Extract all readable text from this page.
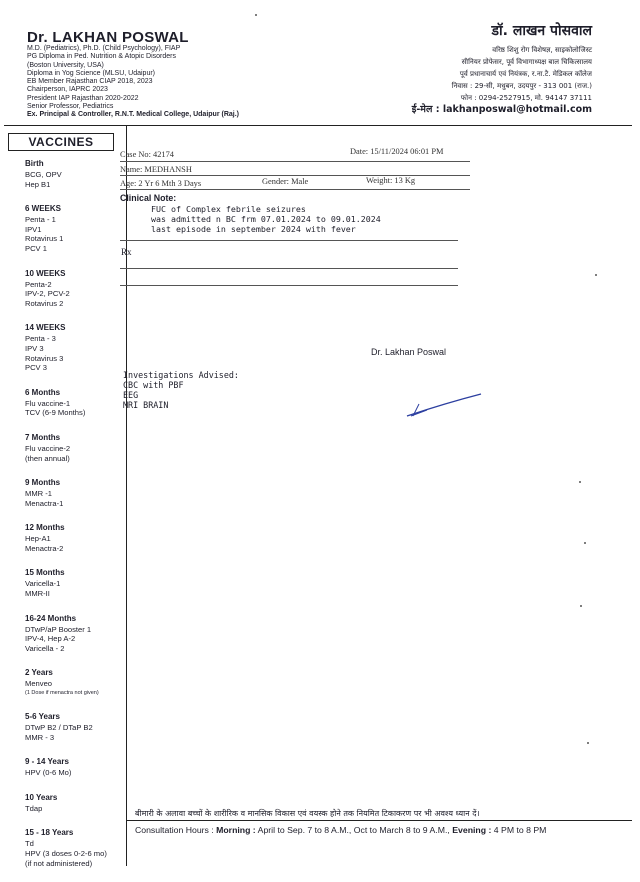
Dr. LAKHAN POSWAL
M.D. (Pediatrics), Ph.D. (Child Psychology), FIAP
PG Diploma in Ped. Nutrition & Atopic Disorders
(Boston University, USA)
Diploma in Yog Science (MLSU, Udaipur)
EB Member Rajasthan CIAP 2018, 2023
Chairperson, IAPRC 2023
President IAP Rajasthan 2020-2022
Senior Professor, Pediatrics
Ex. Principal & Controller, R.N.T. Medical College, Udaipur (Raj.)
डॉ. लाखन पोसवाल
वरिष्ठ शिशु रोग विशेषज्ञ, साइकोलोजिस्ट
सीनियर प्रोफेसर, पूर्व विभागाध्यक्ष बाल चिकित्सालय
पूर्व प्रधानाचार्य एवं नियंत्रक, र.ना.टै. मेडिकल कॉलेज
निवास : 29-सी, मधुबन, उदयपुर - 313 001 (राज.)
फोन : 0294-2527915, मो. 94147 37111
ई-मेल : lakhanposwal@hotmail.com
VACCINES
Birth
BCG, OPV
Hep B1
6 WEEKS
Penta - 1
IPV1
Rotavirus 1
PCV 1
10 WEEKS
Penta-2
IPV-2, PCV-2
Rotavirus 2
14 WEEKS
Penta - 3
IPV 3
Rotavirus 3
PCV 3
6 Months
Flu vaccine-1
TCV (6-9 Months)
7 Months
Flu vaccine-2
(then annual)
9 Months
MMR -1
Menactra-1
12 Months
Hep-A1
Menactra-2
15 Months
Varicella-1
MMR-II
16-24 Months
DTwP/aP Booster 1
IPV-4, Hep A-2
Varicella - 2
2 Years
Menveo
(1 Dose if menactra not given)
5-6 Years
DTwP B2 / DTaP B2
MMR - 3
9 - 14 Years
HPV (0-6 Mo)
10 Years
Tdap
15 - 18 Years
Td
HPV (3 doses 0-2-6 mo)
(if not administered)
Case No: 42174	Date: 15/11/2024 06:01 PM
Name: MEDHANSH
Age: 2 Yr 6 Mth 3 Days	Gender: Male	Weight: 13 Kg
Clinical Note:
FUC of Complex febrile seizures
was admitted n BC frm 07.01.2024 to 09.01.2024
last episode in september 2024 with fever
Rx
Dr. Lakhan Poswal
Investigations Advised:
CBC with PBF
EEG
MRI BRAIN
बीमारी के अलावा बच्चों के शारीरिक व मानसिक विकास एवं वयस्क होने तक नियमित टिकाकरण पर भी अवश्य ध्यान दें।
Consultation Hours : Morning : April to Sep. 7 to 8 A.M., Oct to March 8 to 9 A.M., Evening : 4 PM to 8 PM
